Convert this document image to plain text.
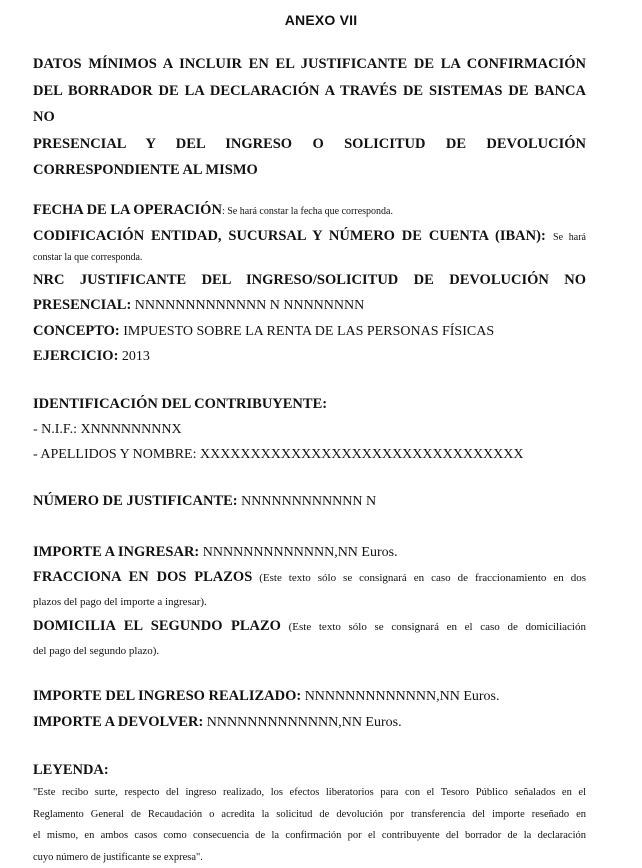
ANEXO VII
DATOS MÍNIMOS A INCLUIR EN EL JUSTIFICANTE DE LA CONFIRMACIÓN
DEL BORRADOR DE LA DECLARACIÓN A TRAVÉS DE SISTEMAS DE BANCA NO
PRESENCIAL Y DEL INGRESO O SOLICITUD DE DEVOLUCIÓN
CORRESPONDIENTE AL MISMO
FECHA DE LA OPERACIÓN: Se hará constar la fecha que corresponda.
CODIFICACIÓN ENTIDAD, SUCURSAL Y NÚMERO DE CUENTA (IBAN): Se hará
constar la que corresponda.
NRC JUSTIFICANTE DEL INGRESO/SOLICITUD DE DEVOLUCIÓN NO
PRESENCIAL: NNNNNNNNNNNNN N NNNNNNNN
CONCEPTO: IMPUESTO SOBRE LA RENTA DE LAS PERSONAS FÍSICAS
EJERCICIO: 2013
IDENTIFICACIÓN DEL CONTRIBUYENTE:
- N.I.F.: XNNNNNNNNX
- APELLIDOS Y NOMBRE: XXXXXXXXXXXXXXXXXXXXXXXXXXXXXXXX
NÚMERO DE JUSTIFICANTE: NNNNNNNNNNNN N
IMPORTE A INGRESAR: NNNNNNNNNNNNN,NN Euros.
FRACCIONA EN DOS PLAZOS (Este texto sólo se consignará en caso de fraccionamiento en dos
plazos del pago del importe a ingresar).
DOMICILIA EL SEGUNDO PLAZO (Este texto sólo se consignará en el caso de domiciliación
del pago del segundo plazo).
IMPORTE DEL INGRESO REALIZADO: NNNNNNNNNNNNN,NN Euros.
IMPORTE A DEVOLVER: NNNNNNNNNNNNN,NN Euros.
LEYENDA:
"Este recibo surte, respecto del ingreso realizado, los efectos liberatorios para con el Tesoro Público señalados en el
Reglamento General de Recaudación o acredita la solicitud de devolución por transferencia del importe reseñado en
el mismo, en ambos casos como consecuencia de la confirmación por el contribuyente del borrador de la declaración
cuyo número de justificante se expresa".
